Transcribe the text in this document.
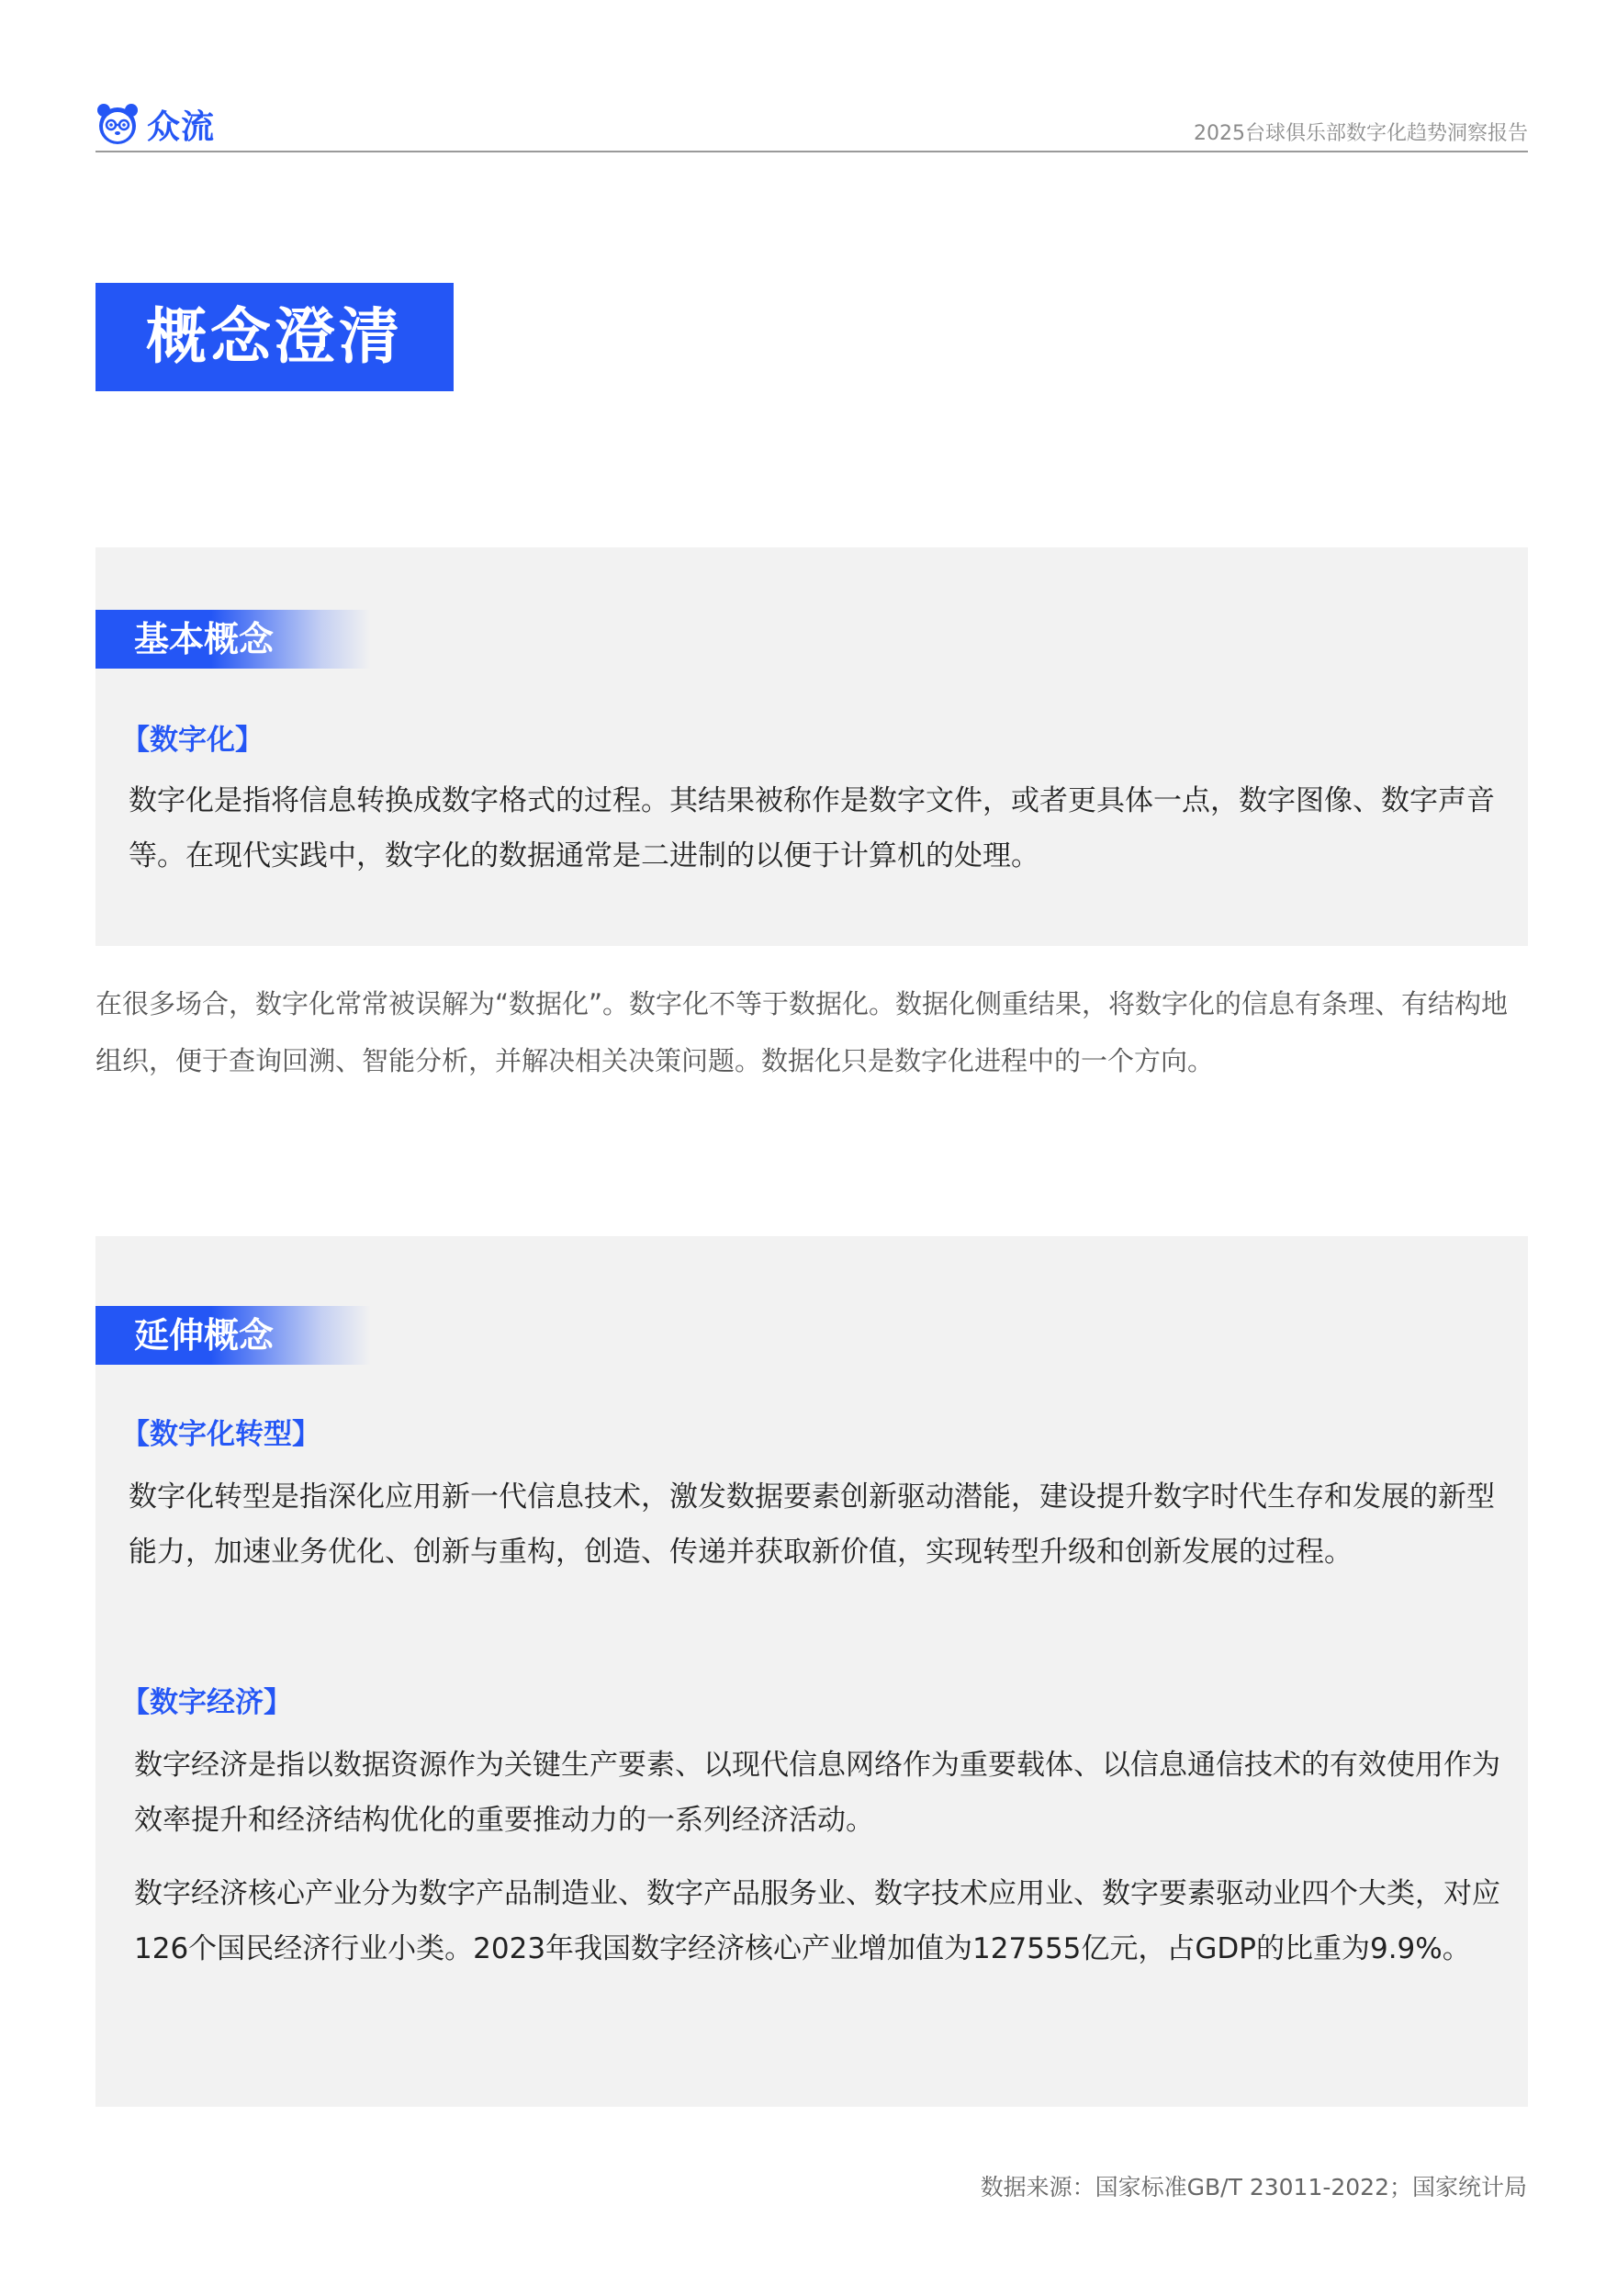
众流	2025台球俱乐部数字化趋势洞察报告
概念澄清
基本概念
【数字化】

数字化是指将信息转换成数字格式的过程。其结果被称作是数字文件，或者更具体一点，数字图像、数字声音等。在现代实践中，数字化的数据通常是二进制的以便于计算机的处理。

在很多场合，数字化常常被误解为“数据化”。数字化不等于数据化。数据化侧重结果，将数字化的信息有条理、有结构地组织，便于查询回溯、智能分析，并解决相关决策问题。数据化只是数字化进程中的一个方向。

延伸概念
【数字化转型】

数字化转型是指深化应用新一代信息技术，激发数据要素创新驱动潜能，建设提升数字时代生存和发展的新型能力，加速业务优化、创新与重构，创造、传递并获取新价值，实现转型升级和创新发展的过程。

【数字经济】

数字经济是指以数据资源作为关键生产要素、以现代信息网络作为重要载体、以信息通信技术的有效使用作为效率提升和经济结构优化的重要推动力的一系列经济活动。

数字经济核心产业分为数字产品制造业、数字产品服务业、数字技术应用业、数字要素驱动业四个大类，对应126个国民经济行业小类。2023年我国数字经济核心产业增加值为127555亿元，占GDP的比重为9.9%。

数据来源：国家标准GB/T 23011-2022；国家统计局
